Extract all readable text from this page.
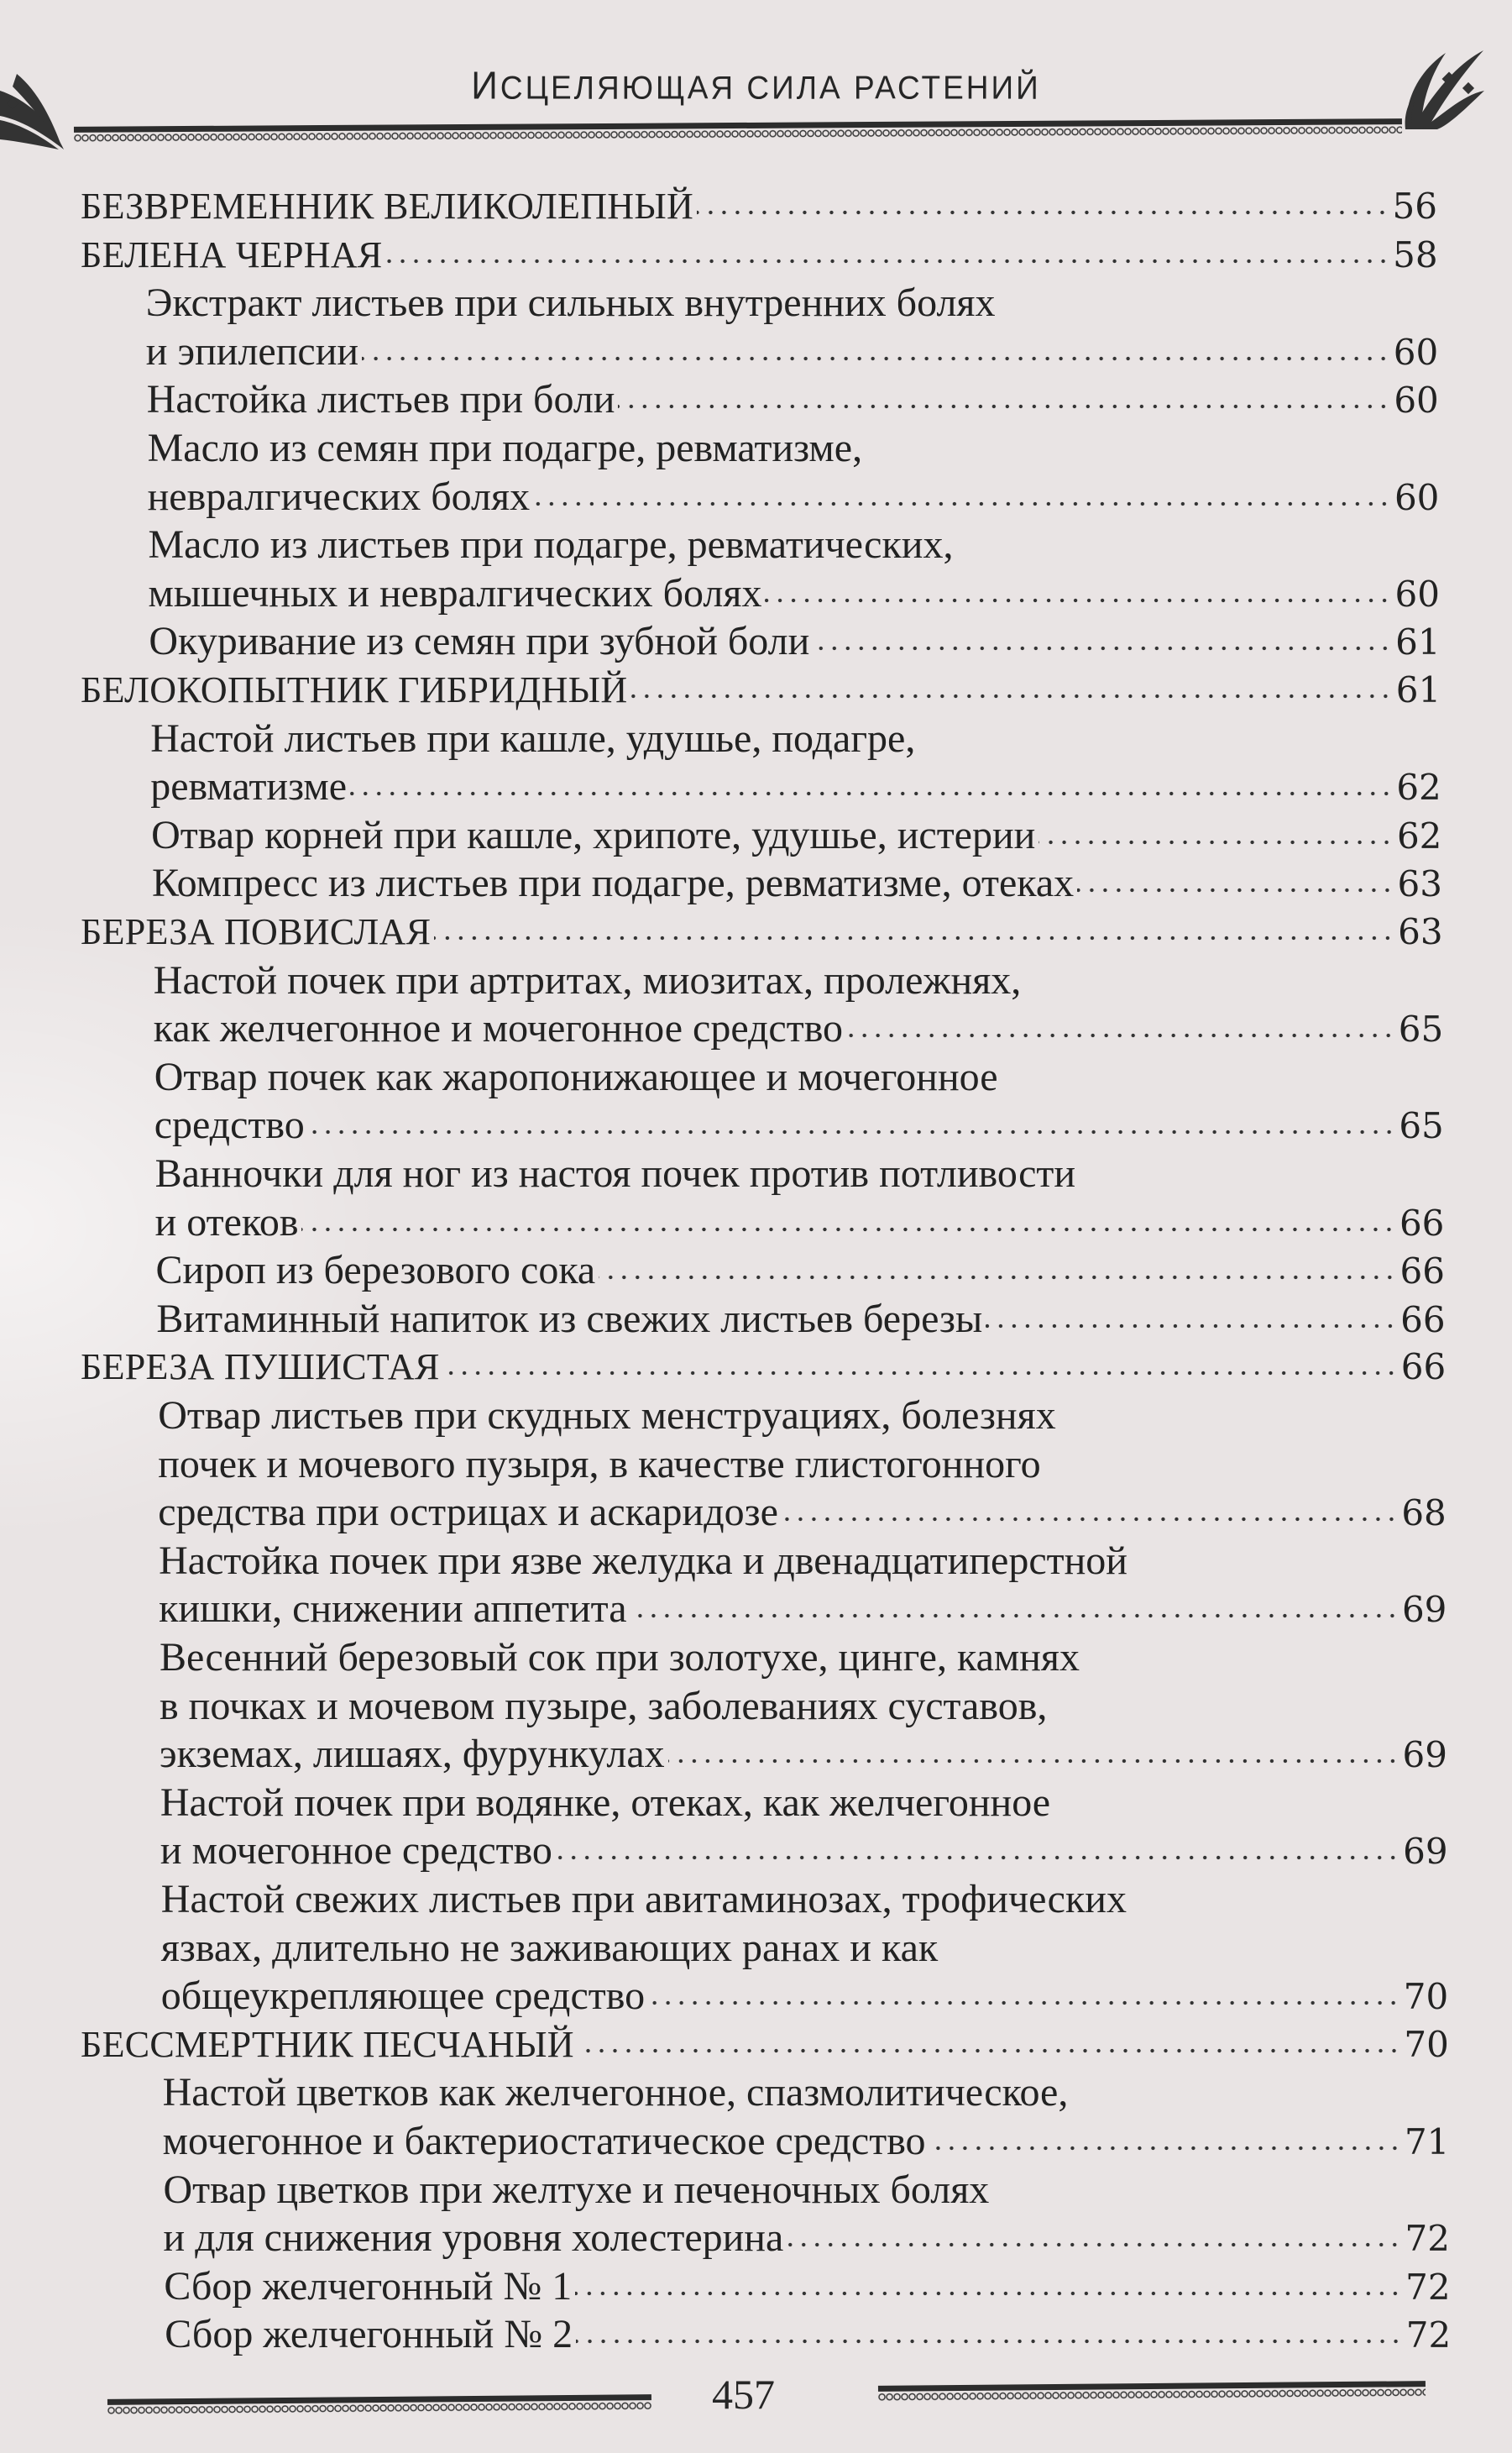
ИСЦЕЛЯЮЩАЯ СИЛА РАСТЕНИЙ
БЕЗВРЕМЕННИК ВЕЛИКОЛЕПНЫЙ	56
БЕЛЕНА ЧЕРНАЯ	58
Экстракт листьев при сильных внутренних болях
и эпилепсии	60
Настойка листьев при боли	60
Масло из семян при подагре, ревматизме,
невралгических болях	60
Масло из листьев при подагре, ревматических,
мышечных и невралгических болях	60
Окуривание из семян при зубной боли	61
БЕЛОКОПЫТНИК ГИБРИДНЫЙ	61
Настой листьев при кашле, удушье, подагре,
ревматизме	62
Отвар корней при кашле, хрипоте, удушье, истерии	62
Компресс из листьев при подагре, ревматизме, отеках	63
БЕРЕЗА ПОВИСЛАЯ	63
Настой почек при артритах, миозитах, пролежнях,
как желчегонное и мочегонное средство	65
Отвар почек как жаропонижающее и мочегонное
средство	65
Ванночки для ног из настоя почек против потливости
и отеков	66
Сироп из березового сока	66
Витаминный напиток из свежих листьев березы	66
БЕРЕЗА ПУШИСТАЯ	66
Отвар листьев при скудных менструациях, болезнях
почек и мочевого пузыря, в качестве глистогонного
средства при острицах и аскаридозе	68
Настойка почек при язве желудка и двенадцатиперстной
кишки, снижении аппетита	69
Весенний березовый сок при золотухе, цинге, камнях
в почках и мочевом пузыре, заболеваниях суставов,
экземах, лишаях, фурункулах	69
Настой почек при водянке, отеках, как желчегонное
и мочегонное средство	69
Настой свежих листьев при авитаминозах, трофических
язвах, длительно не заживающих ранах и как
общеукрепляющее средство	70
БЕССМЕРТНИК ПЕСЧАНЫЙ	70
Настой цветков как желчегонное, спазмолитическое,
мочегонное и бактериостатическое средство	71
Отвар цветков при желтухе и печеночных болях
и для снижения уровня холестерина	72
Сбор желчегонный № 1	72
Сбор желчегонный № 2	72
457
